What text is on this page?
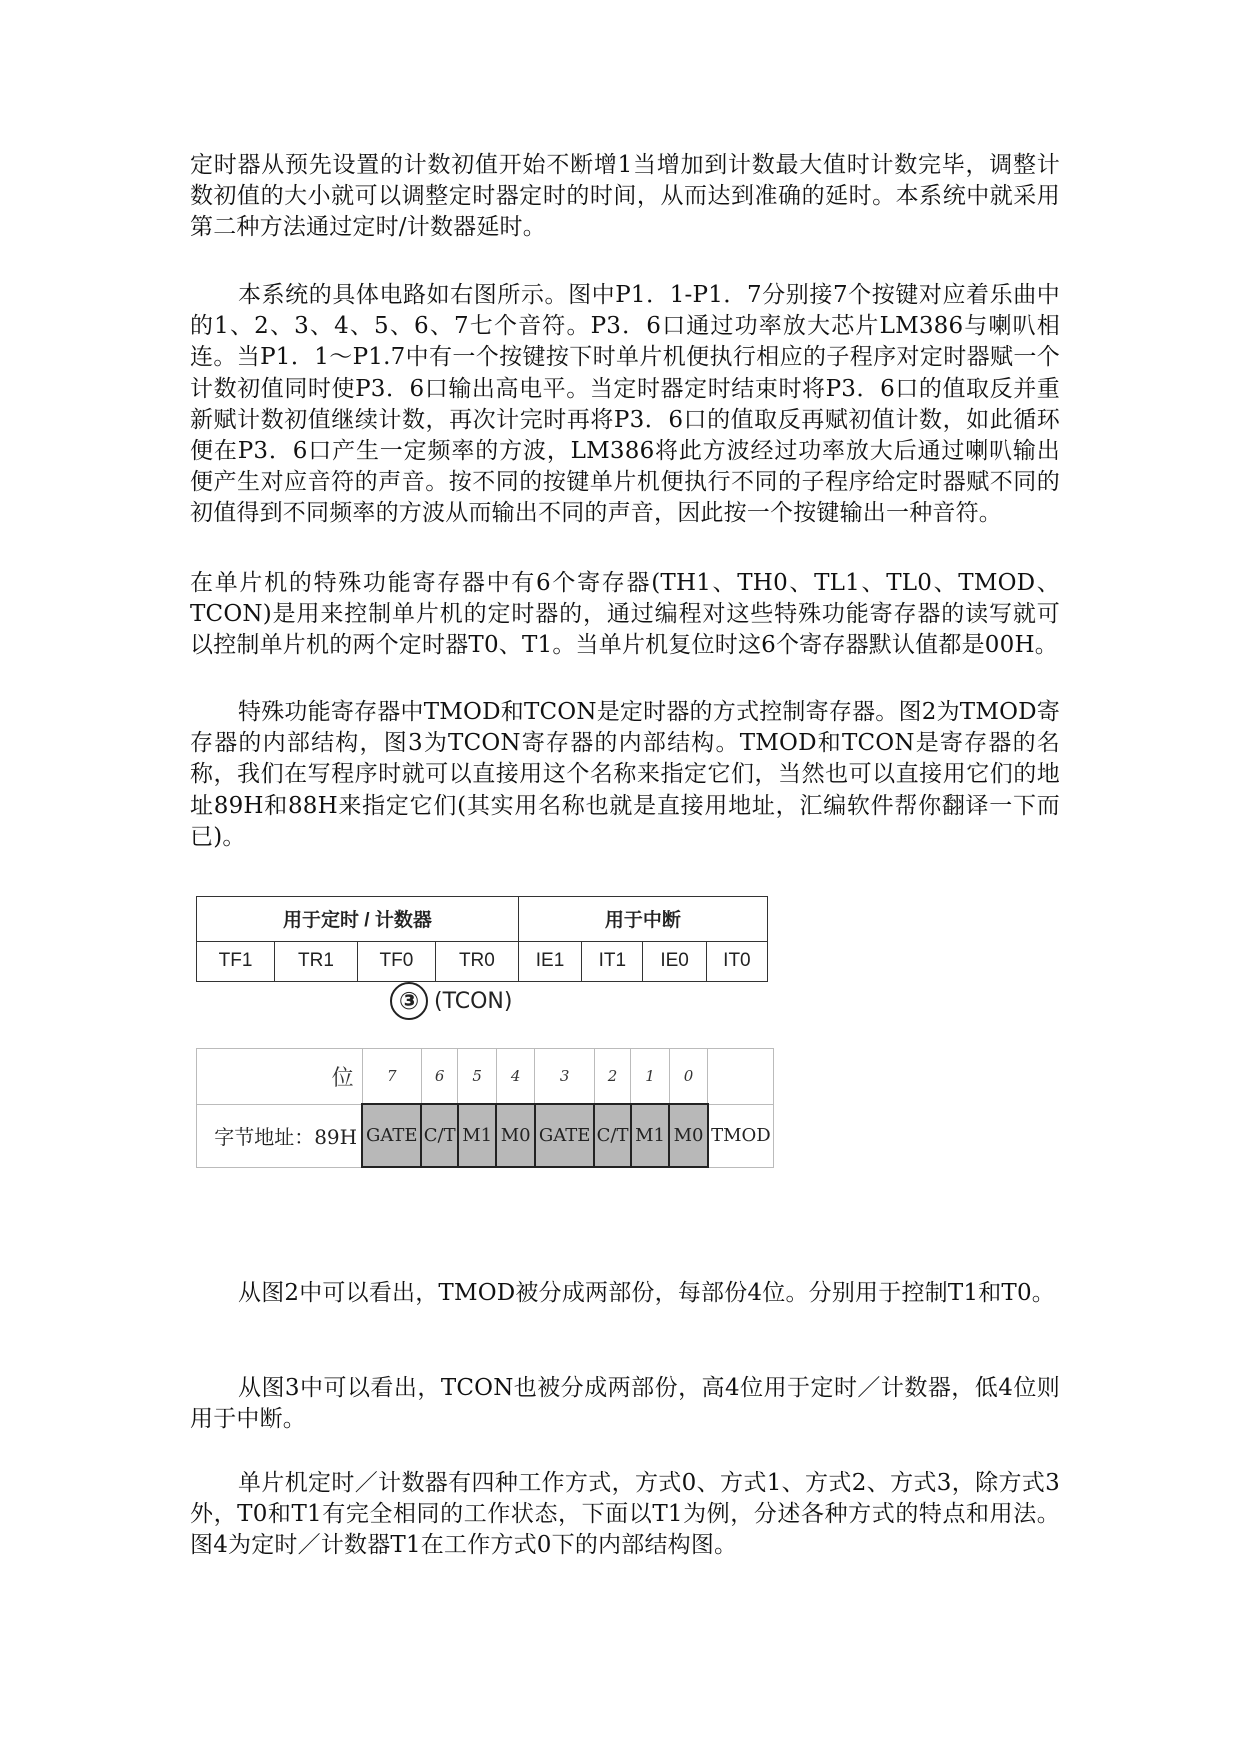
定时器从预先设置的计数初值开始不断增1当增加到计数最大值时计数完毕，调整计数初值的大小就可以调整定时器定时的时间，从而达到准确的延时。本系统中就采用第二种方法通过定时/计数器延时。

本系统的具体电路如右图所示。图中P1．1-P1．7分别接7个按键对应着乐曲中的1、2、3、4、5、6、7七个音符。P3．6口通过功率放大芯片LM386与喇叭相连。当P1．1～P1.7中有一个按键按下时单片机便执行相应的子程序对定时器赋一个计数初值同时使P3．6口输出高电平。当定时器定时结束时将P3．6口的值取反并重新赋计数初值继续计数，再次计完时再将P3．6口的值取反再赋初值计数，如此循环便在P3．6口产生一定频率的方波，LM386将此方波经过功率放大后通过喇叭输出便产生对应音符的声音。按不同的按键单片机便执行不同的子程序给定时器赋不同的初值得到不同频率的方波从而输出不同的声音，因此按一个按键输出一种音符。

在单片机的特殊功能寄存器中有6个寄存器(TH1、TH0、TL1、TL0、TMOD、TCON)是用来控制单片机的定时器的，通过编程对这些特殊功能寄存器的读写就可以控制单片机的两个定时器T0、T1。当单片机复位时这6个寄存器默认值都是00H。

特殊功能寄存器中TMOD和TCON是定时器的方式控制寄存器。图2为TMOD寄存器的内部结构，图3为TCON寄存器的内部结构。TMOD和TCON是寄存器的名称，我们在写程序时就可以直接用这个名称来指定它们，当然也可以直接用它们的地址89H和88H来指定它们(其实用名称也就是直接用地址，汇编软件帮你翻译一下而已)。

用于定时 / 计数器				用于中断			
TF1	TR1	TF0	TR0	IE1	IT1	IE0	IT0
③ (TCON)
位	7	6	5	4	3	2	1	0	
字节地址：89H	GATE	C/T	M1	M0	GATE	C/T	M1	M0	TMOD

从图2中可以看出，TMOD被分成两部份，每部份4位。分别用于控制T1和T0。

从图3中可以看出，TCON也被分成两部份，高4位用于定时／计数器，低4位则用于中断。

单片机定时／计数器有四种工作方式，方式0、方式1、方式2、方式3，除方式3外，T0和T1有完全相同的工作状态，下面以T1为例，分述各种方式的特点和用法。图4为定时／计数器T1在工作方式0下的内部结构图。
